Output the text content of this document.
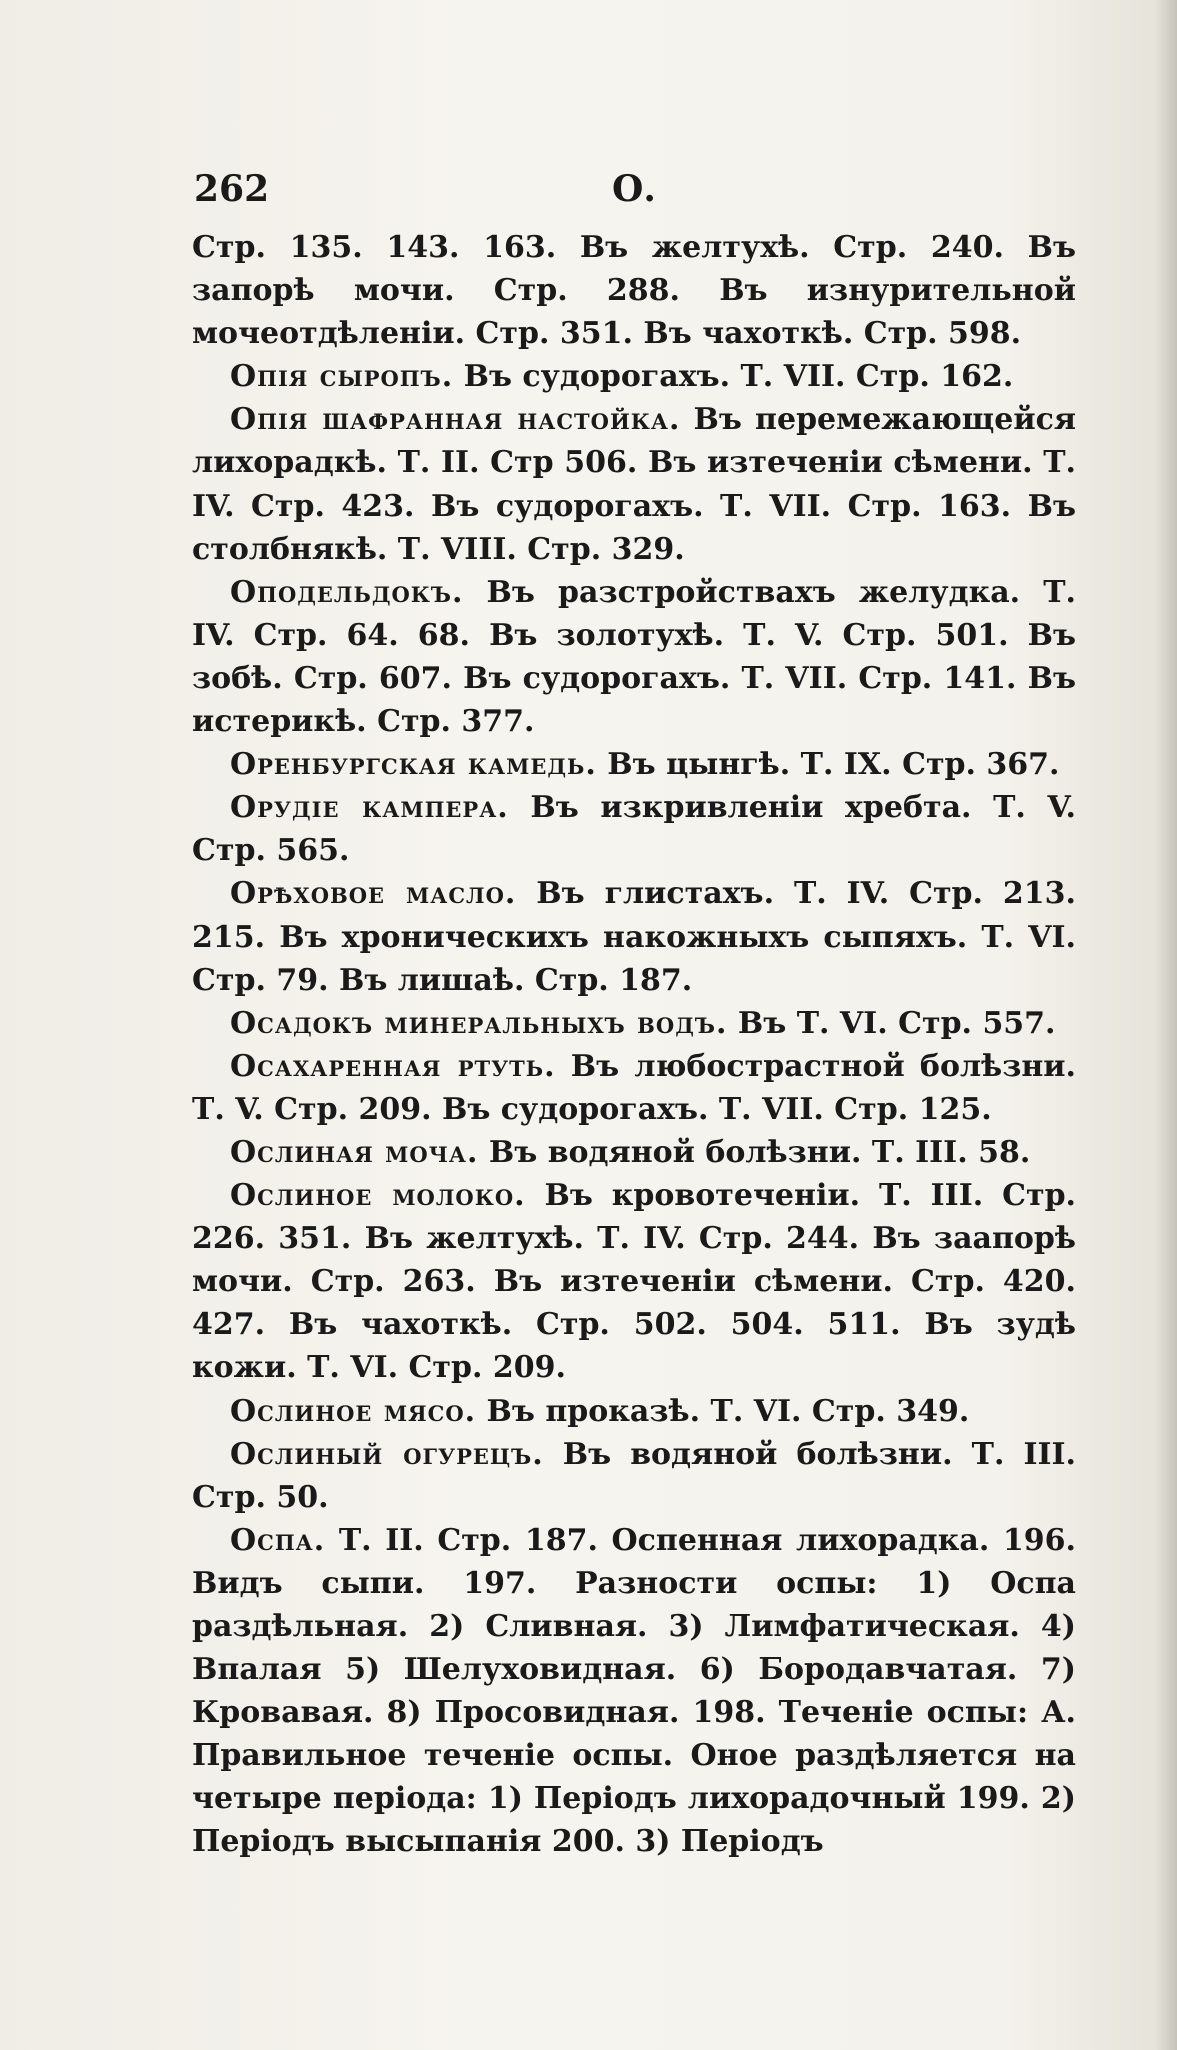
262	О.

Стр. 135. 143. 163. Въ желтухѣ. Стр. 240. Въ запорѣ мочи. Стр. 288. Въ изнурительной мочеотдѣленіи. Стр. 351. Въ чахоткѣ. Стр. 598.

Опія сыропъ. Въ судорогахъ. Т. VII. Стр. 162.

Опія шафранная настойка. Въ перемежающейся лихорадкѣ. Т. II. Стр 506. Въ изтеченіи сѣмени. Т. IV. Стр. 423. Въ судорогахъ. Т. VII. Стр. 163. Въ столбнякѣ. Т. VIII. Стр. 329.

Оподельдокъ. Въ разстройствахъ желудка. Т. IV. Стр. 64. 68. Въ золотухѣ. Т. V. Стр. 501. Въ зобѣ. Стр. 607. Въ судорогахъ. Т. VII. Стр. 141. Въ истерикѣ. Стр. 377.

Оренбургская камедь. Въ цынгѣ. Т. IX. Стр. 367.

Орудіе кампера. Въ изкривленіи хребта. Т. V. Стр. 565.

Орѣховое масло. Въ глистахъ. Т. IV. Стр. 213. 215. Въ хроническихъ накожныхъ сыпяхъ. Т. VI. Стр. 79. Въ лишаѣ. Стр. 187.

Осадокъ минеральныхъ водъ. Въ Т. VI. Стр. 557.

Осахаренная ртуть. Въ любострастной болѣзни. Т. V. Стр. 209. Въ судорогахъ. Т. VII. Стр. 125.

Ослиная моча. Въ водяной болѣзни. Т. III. 58.

Ослиное молоко. Въ кровотеченіи. Т. III. Стр. 226. 351. Въ желтухѣ. Т. IV. Стр. 244. Въ заапорѣ мочи. Стр. 263. Въ изтеченіи сѣмени. Стр. 420. 427. Въ чахоткѣ. Стр. 502. 504. 511. Въ зудѣ кожи. Т. VI. Стр. 209.

Ослиное мясо. Въ проказѣ. Т. VI. Стр. 349.

Ослиный огурецъ. Въ водяной болѣзни. Т. III. Стр. 50.

Оспа. Т. II. Стр. 187. Оспенная лихорадка. 196. Видъ сыпи. 197. Разности оспы: 1) Оспа раздѣльная. 2) Сливная. 3) Лимфатическая. 4) Впалая 5) Шелуховидная. 6) Бородавчатая. 7) Кровавая. 8) Просовидная. 198. Теченіе оспы: А. Правильное теченіе оспы. Оное раздѣляется на четыре періода: 1) Періодъ лихорадочный 199. 2) Періодъ высыпанія 200. 3) Періодъ
